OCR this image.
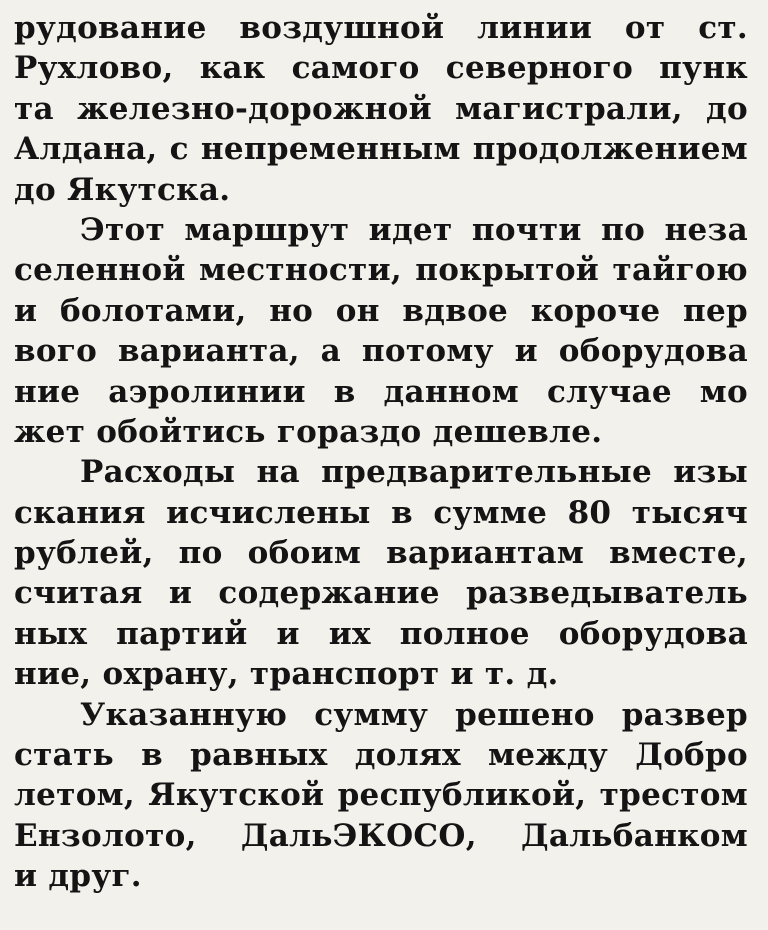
рудование воздушной линии от ст.
Рухлово, как самого северного пунк
та железно-дорожной магистрали, до
Алдана, с непременным продолжением
до Якутска.
Этот маршрут идет почти по неза
селенной местности, покрытой тайгою
и болотами, но он вдвое короче пер
вого варианта, а потому и оборудова
ние аэролинии в данном случае мо
жет обойтись гораздо дешевле.
Расходы на предварительные изы
скания исчислены в сумме 80 тысяч
рублей, по обоим вариантам вместе,
считая и содержание разведыватель
ных партий и их полное оборудова
ние, охрану, транспорт и т. д.
Указанную сумму решено развер
стать в равных долях между Добро
летом, Якутской республикой, трестом
Ензолото, ДальЭКОСО, Дальбанком
и друг.
